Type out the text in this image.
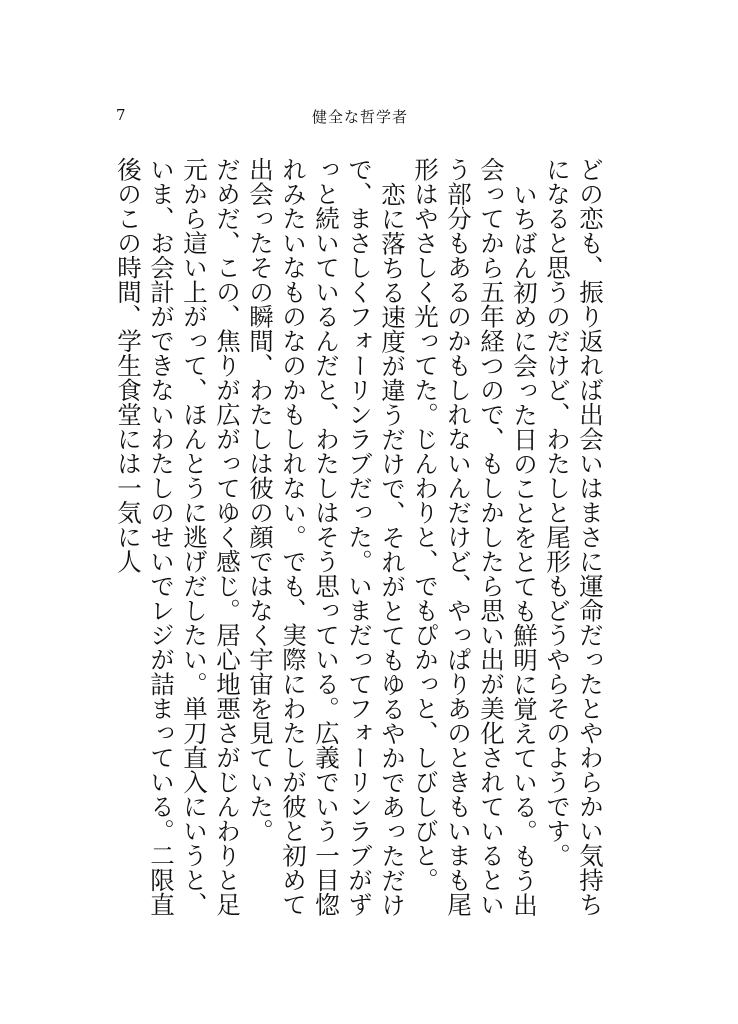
7	健全な哲学者

どの恋も、振り返れば出会いはまさに運命だったとやわらかい気持ちになると思うのだけど、わたしと尾形もどうやらそのようです。

いちばん初めに会った日のことをとても鮮明に覚えている。もう出会ってから五年経つので、もしかしたら思い出が美化されているという部分もあるのかもしれないんだけど、やっぱりあのときもいまも尾形はやさしく光ってた。じんわりと、でもぴかっと、しびしびと。

恋に落ちる速度が違うだけで、それがとてもゆるやかであっただけで、まさしくフォーリンラブだった。いまだってフォーリンラブがずっと続いているんだと、わたしはそう思っている。広義でいう一目惚れみたいなものなのかもしれない。でも、実際にわたしが彼と初めて出会ったその瞬間、わたしは彼の顔ではなく宇宙を見ていた。

だめだ、この、焦りが広がってゆく感じ。居心地悪さがじんわりと足元から這い上がって、ほんとうに逃げだしたい。単刀直入にいうと、いま、お会計ができないわたしのせいでレジが詰まっている。二限直後のこの時間、学生食堂には一気に人
